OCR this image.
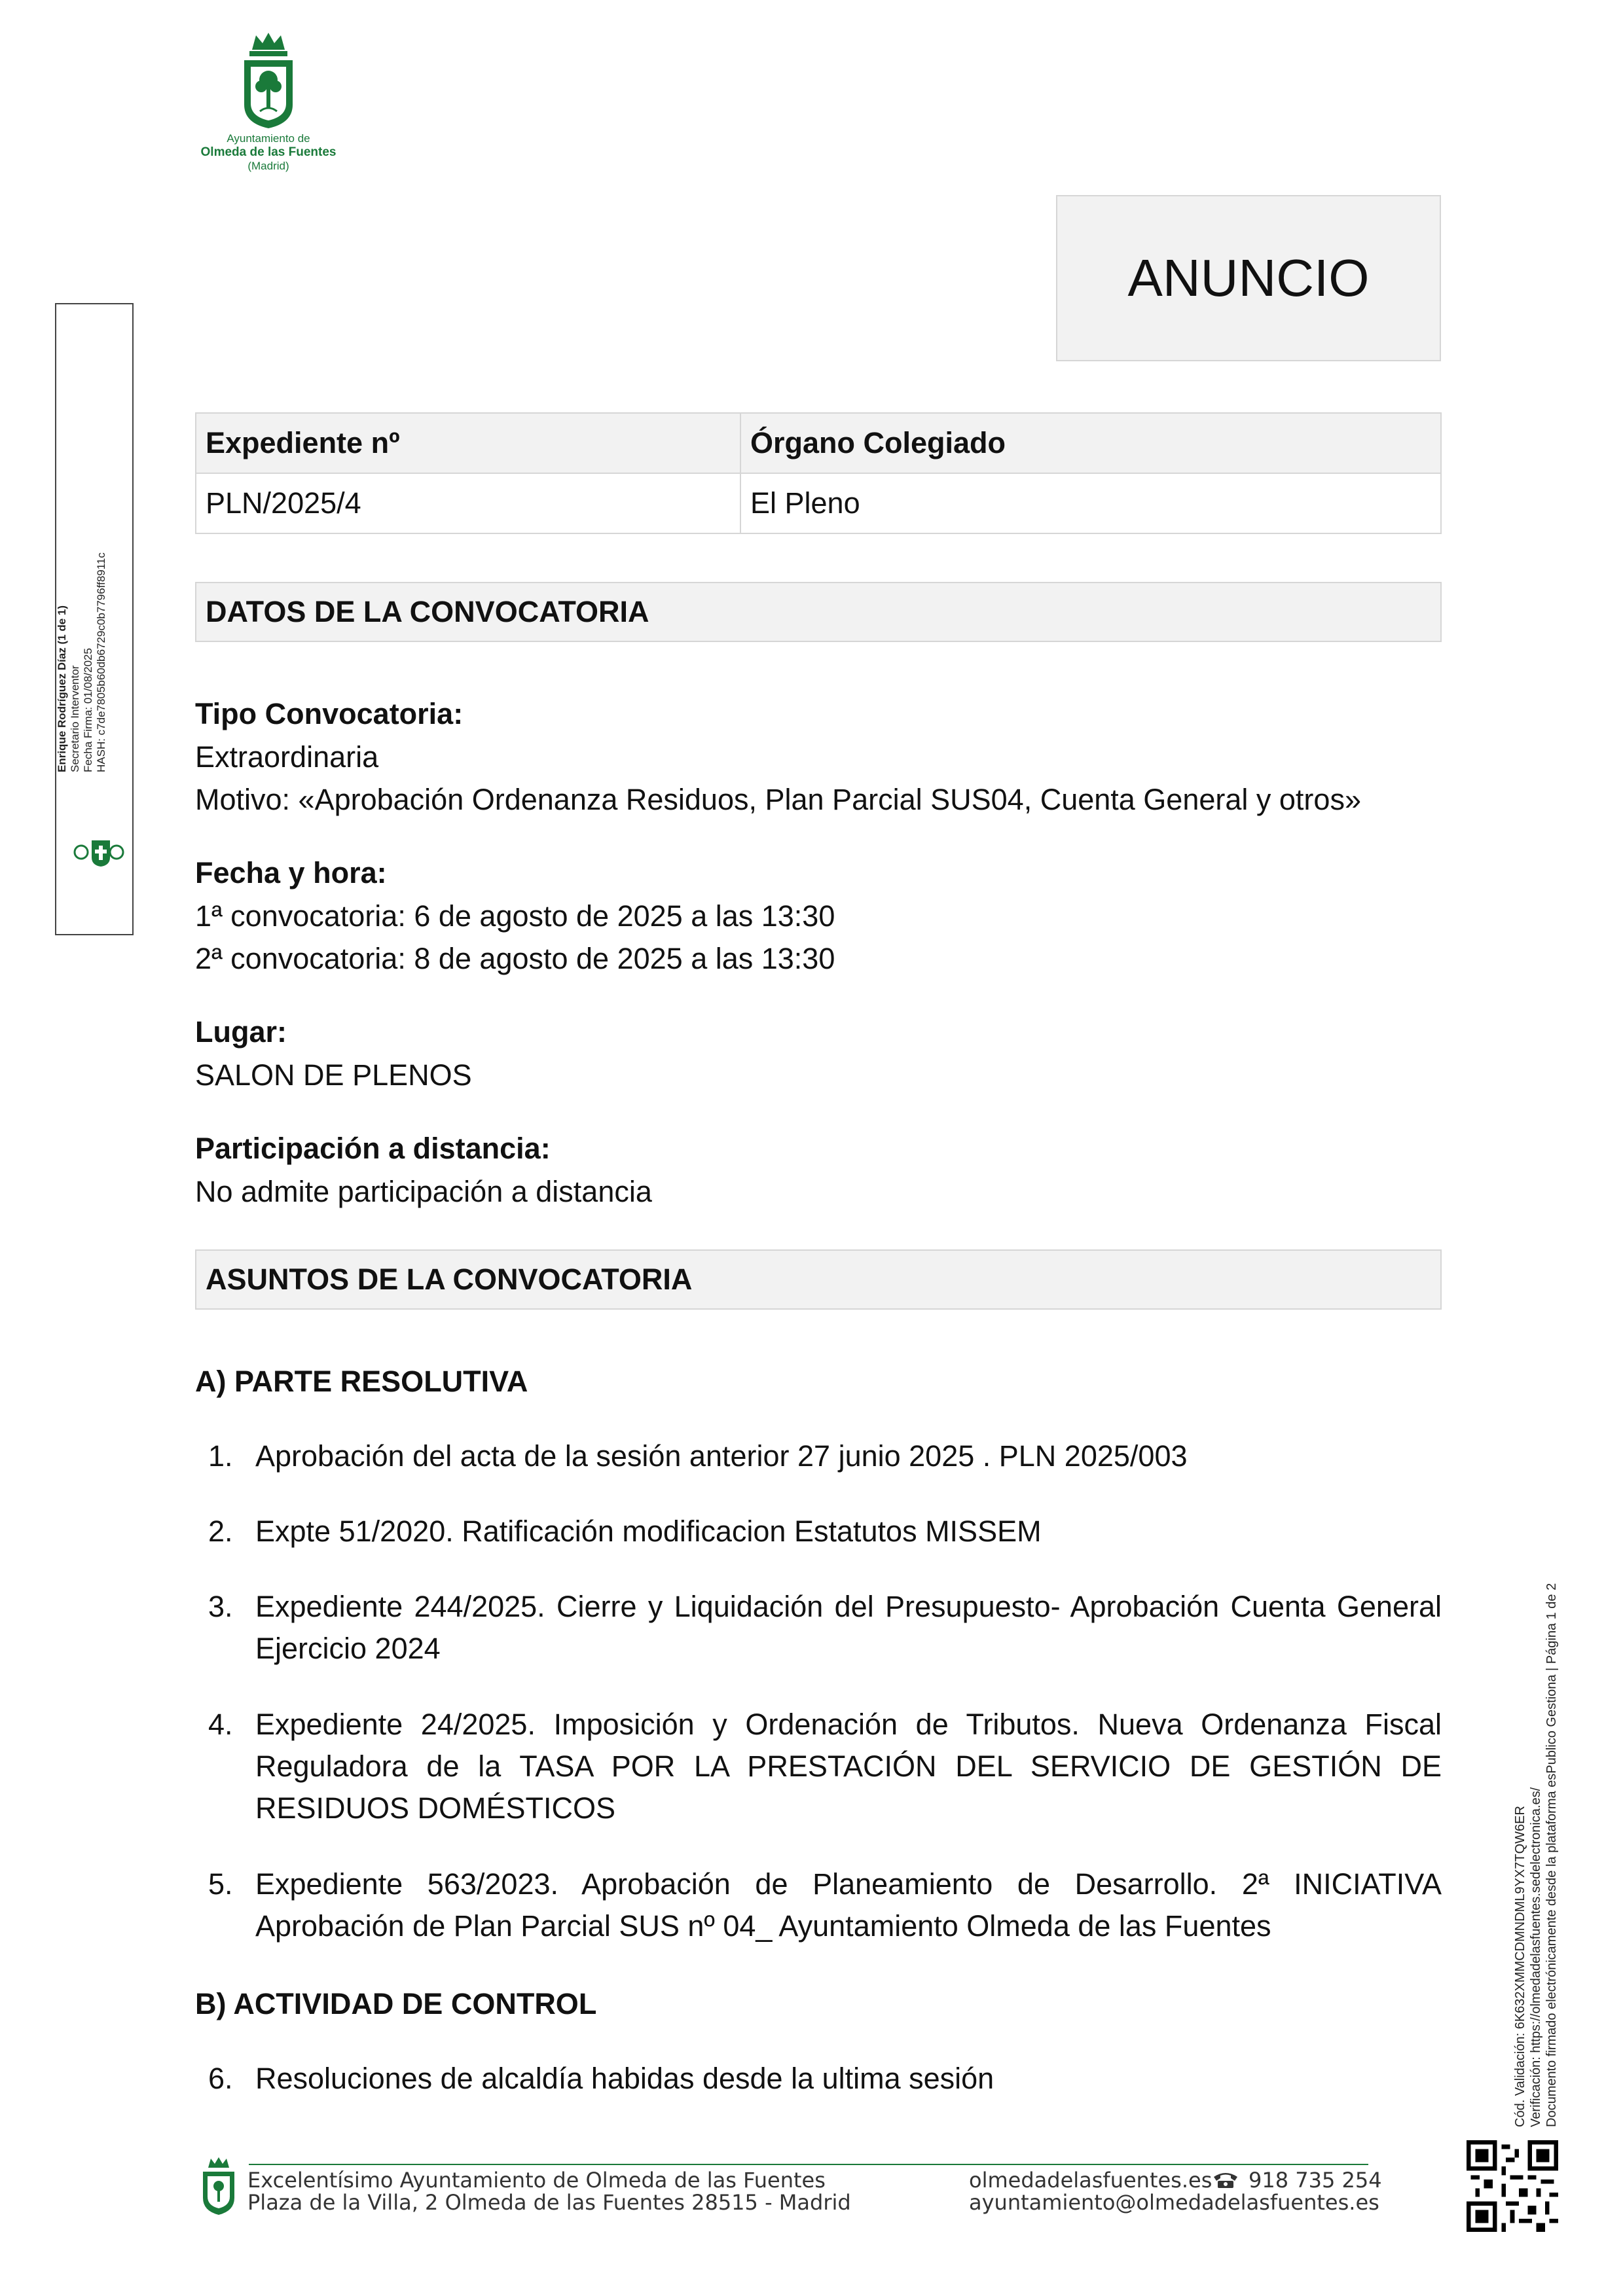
Ayuntamiento de
Olmeda de las Fuentes
(Madrid)
ANUNCIO
Expediente nº	Órgano Colegiado
PLN/2025/4	El Pleno
DATOS DE LA CONVOCATORIA
Tipo Convocatoria:
Extraordinaria
Motivo: «Aprobación Ordenanza Residuos, Plan Parcial SUS04, Cuenta General y otros»
Fecha y hora:
1ª convocatoria: 6 de agosto de 2025 a las 13:30
2ª convocatoria: 8 de agosto de 2025 a las 13:30
Lugar:
SALON DE PLENOS
Participación a distancia:
No admite participación a distancia
ASUNTOS DE LA CONVOCATORIA
A) PARTE RESOLUTIVA
1. Aprobación del acta de la sesión anterior 27 junio 2025 . PLN 2025/003
2. Expte 51/2020. Ratificación modificacion Estatutos MISSEM
3. Expediente 244/2025. Cierre y Liquidación del Presupuesto- Aprobación Cuenta General Ejercicio 2024
4. Expediente 24/2025. Imposición y Ordenación de Tributos. Nueva Ordenanza Fiscal Reguladora de la TASA POR LA PRESTACIÓN DEL SERVICIO DE GESTIÓN DE RESIDUOS DOMÉSTICOS
5. Expediente 563/2023. Aprobación de Planeamiento de Desarrollo. 2ª INICIATIVA Aprobación de Plan Parcial SUS nº 04_ Ayuntamiento Olmeda de las Fuentes
B) ACTIVIDAD DE CONTROL
6. Resoluciones de alcaldía habidas desde la ultima sesión
Enrique Rodríguez Díaz (1 de 1) Secretario Interventor Fecha Firma: 01/08/2025 HASH: c7de7805b60db6729c0b7796ff8911c
Cód. Validación: 6K632XMMCDMNDML9YX7TQW6ER Verificación: https://olmedadelasfuentes.sedelectronica.es/ Documento firmado electrónicamente desde la plataforma esPublico Gestiona | Página 1 de 2
Excelentísimo Ayuntamiento de Olmeda de las Fuentes
Plaza de la Villa, 2 Olmeda de las Fuentes 28515 - Madrid
olmedadelasfuentes.es 918 735 254
ayuntamiento@olmedadelasfuentes.es
